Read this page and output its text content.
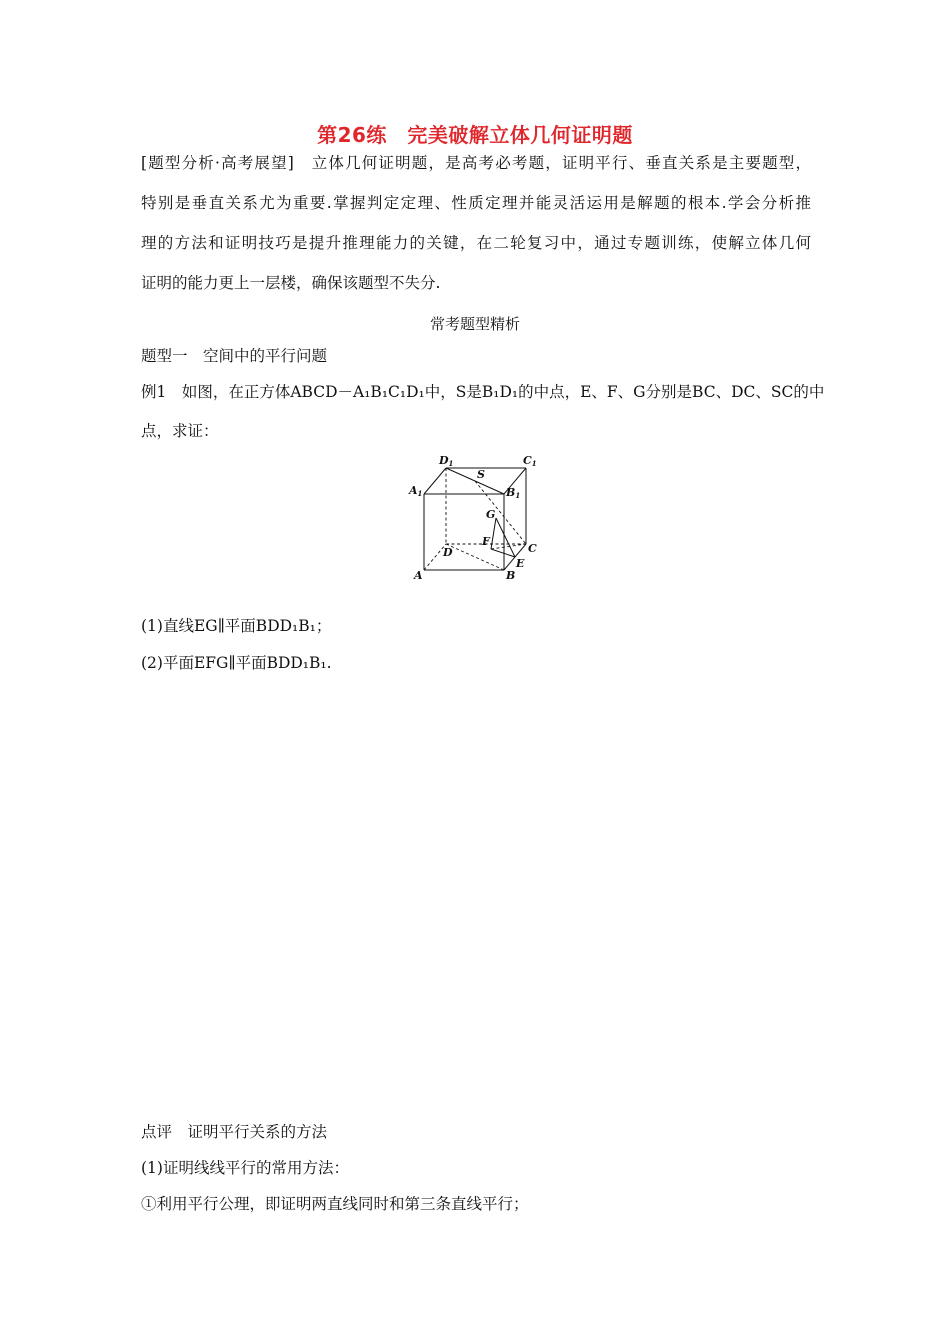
第26练　完美破解立体几何证明题
[题型分析·高考展望]　立体几何证明题，是高考必考题，证明平行、垂直关系是主要题型，
特别是垂直关系尤为重要.掌握判定定理、性质定理并能灵活运用是解题的根本.学会分析推
理的方法和证明技巧是提升推理能力的关键，在二轮复习中，通过专题训练，使解立体几何
证明的能力更上一层楼，确保该题型不失分.
常考题型精析
题型一　空间中的平行问题
例1　如图，在正方体ABCD－A₁B₁C₁D₁中，S是B₁D₁的中点，E、F、G分别是BC、DC、SC的中
点，求证：
D1	C1
A1	B1
S
G
F
C
D
E
A	B
(1)直线EG∥平面BDD₁B₁；
(2)平面EFG∥平面BDD₁B₁.
点评　证明平行关系的方法
(1)证明线线平行的常用方法：
①利用平行公理，即证明两直线同时和第三条直线平行；
